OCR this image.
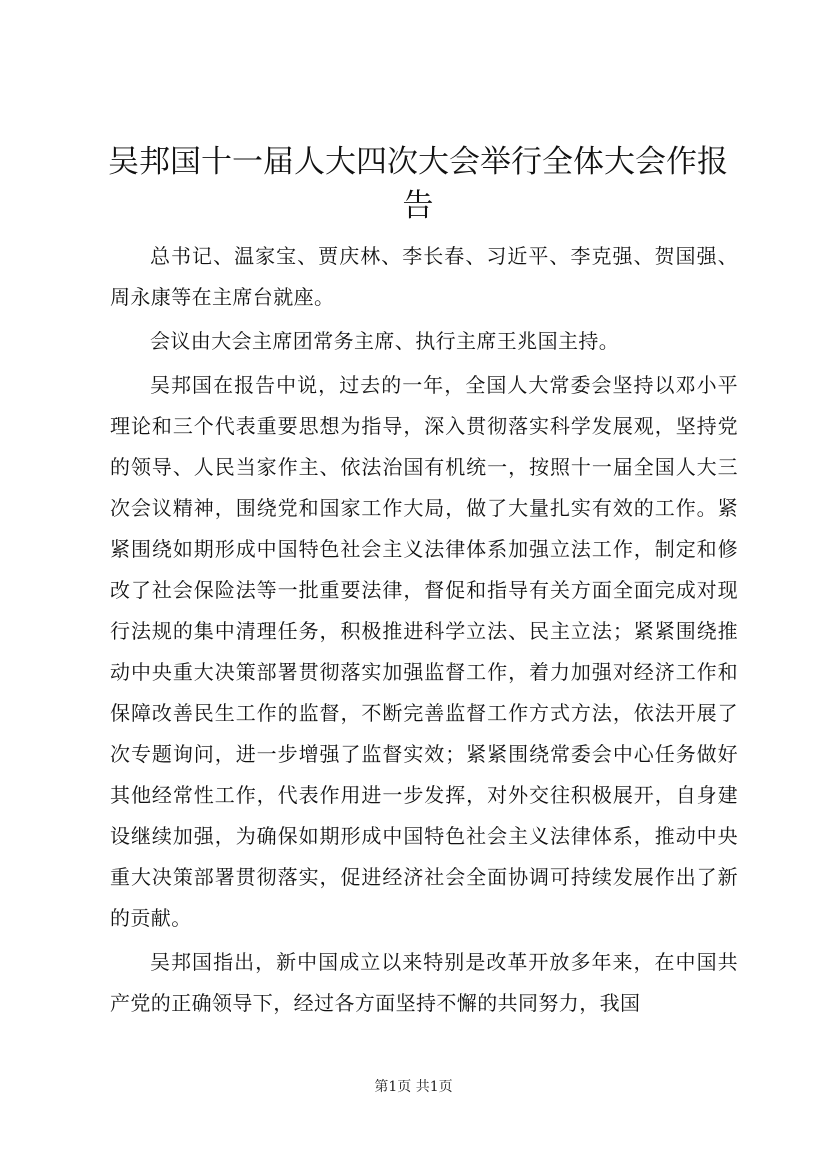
吴邦国十一届人大四次大会举行全体大会作报告

总书记、温家宝、贾庆林、李长春、习近平、李克强、贺国强、周永康等在主席台就座。

会议由大会主席团常务主席、执行主席王兆国主持。

吴邦国在报告中说，过去的一年，全国人大常委会坚持以邓小平理论和三个代表重要思想为指导，深入贯彻落实科学发展观，坚持党的领导、人民当家作主、依法治国有机统一，按照十一届全国人大三次会议精神，围绕党和国家工作大局，做了大量扎实有效的工作。紧紧围绕如期形成中国特色社会主义法律体系加强立法工作，制定和修改了社会保险法等一批重要法律，督促和指导有关方面全面完成对现行法规的集中清理任务，积极推进科学立法、民主立法；紧紧围绕推动中央重大决策部署贯彻落实加强监督工作，着力加强对经济工作和保障改善民生工作的监督，不断完善监督工作方式方法，依法开展了次专题询问，进一步增强了监督实效；紧紧围绕常委会中心任务做好其他经常性工作，代表作用进一步发挥，对外交往积极展开，自身建设继续加强，为确保如期形成中国特色社会主义法律体系，推动中央重大决策部署贯彻落实，促进经济社会全面协调可持续发展作出了新的贡献。

吴邦国指出，新中国成立以来特别是改革开放多年来，在中国共产党的正确领导下，经过各方面坚持不懈的共同努力，我国

第1页 共1页
